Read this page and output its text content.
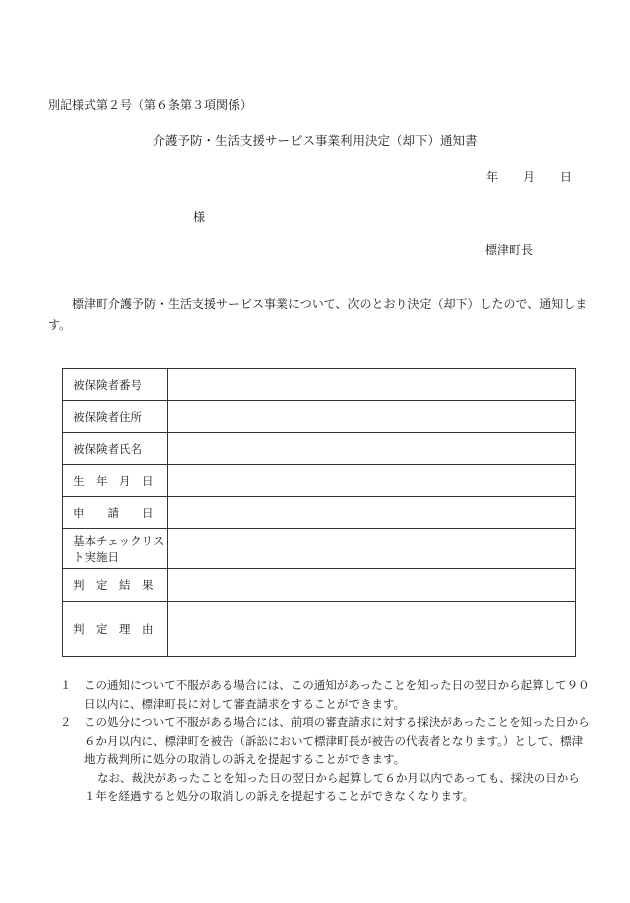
別記様式第２号（第６条第３項関係）
介護予防・生活支援サービス事業利用決定（却下）通知書
年 月 日
様
標津町長
標津町介護予防・生活支援サービス事業について、次のとおり決定（却下）したので、通知します。
被保険者番号	
被保険者住所	
被保険者氏名	
生　年　月　日	
申　　請　　日	
基本チェックリスト実施日	
判　定　結　果	
判　定　理　由	
１	この通知について不服がある場合には、この通知があったことを知った日の翌日から起算して９０日以内に、標津町長に対して審査請求をすることができます。
２	この処分について不服がある場合には、前項の審査請求に対する採決があったことを知った日から６か月以内に、標津町を被告（訴訟において標津町長が被告の代表者となります。）として、標津地方裁判所に処分の取消しの訴えを提起することができます。
なお、裁決があったことを知った日の翌日から起算して６か月以内であっても、採決の日から１年を経過すると処分の取消しの訴えを提起することができなくなります。
